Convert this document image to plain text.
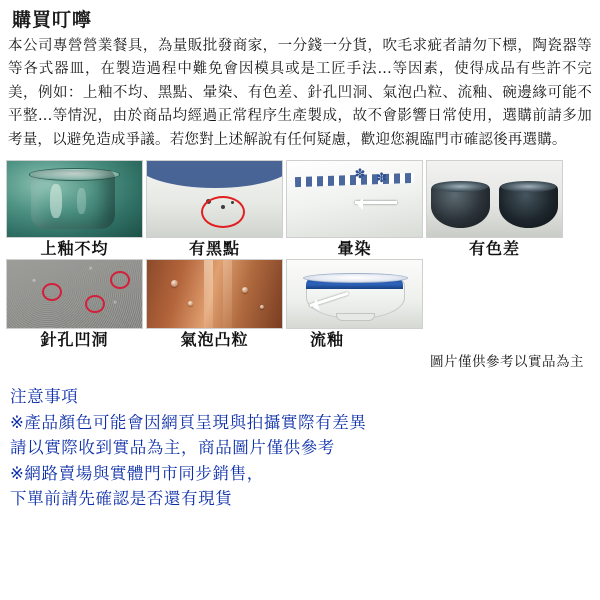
購買叮嚀

本公司專營營業餐具，為量販批發商家，一分錢一分貨，吹毛求疵者請勿下標，陶瓷器等等各式器皿，在製造過程中難免會因模具或是工匠手法...等因素，使得成品有些許不完美，例如：上釉不均、黑點、暈染、有色差、針孔凹洞、氣泡凸粒、流釉、碗邊緣可能不平整...等情況，由於商品均經過正常程序生產製成，故不會影響日常使用，選購前請多加考量，以避免造成爭議。若您對上述解說有任何疑慮，歡迎您親臨門市確認後再選購。

上釉不均	有黑點
✽ ✽
暈染	有色差
針孔凹洞	氣泡凸粒	流釉
圖片僅供參考以實品為主

注意事項

※產品顏色可能會因網頁呈現與拍攝實際有差異

請以實際收到實品為主，商品圖片僅供參考

※網路賣場與實體門市同步銷售，

下單前請先確認是否還有現貨
